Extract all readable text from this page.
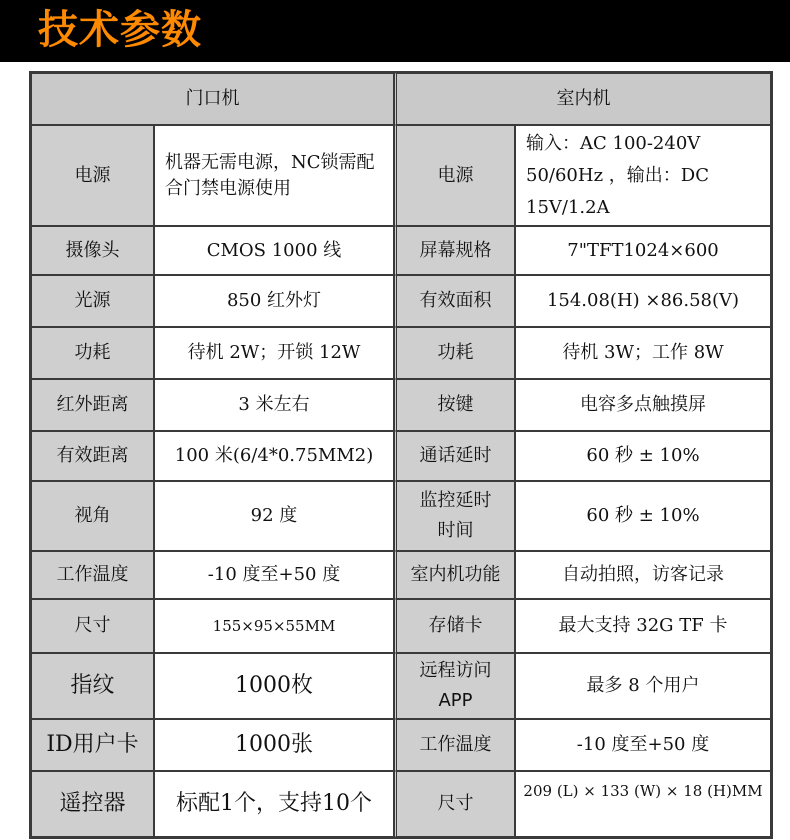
技术参数
门口机		室内机	
电源	机器无需电源，NC锁需配合门禁电源使用	电源	输入：AC 100-240V 50/60Hz ，输出：DC 15V/1.2A
摄像头	CMOS 1000 线	屏幕规格	7"TFT1024×600
光源	850 红外灯	有效面积	154.08(H) ×86.58(V)
功耗	待机 2W；开锁 12W	功耗	待机 3W；工作 8W
红外距离	3 米左右	按键	电容多点触摸屏
有效距离	100 米(6/4*0.75MM2)	通话延时	60 秒 ± 10%
视角	92 度	监控延时时间	60 秒 ± 10%
工作温度	-10 度至+50 度	室内机功能	自动拍照，访客记录
尺寸	155×95×55MM	存储卡	最大支持 32G TF 卡
指纹	1000枚	远程访问APP	最多 8 个用户
ID用户卡	1000张	工作温度	-10 度至+50 度
遥控器	标配1个，支持10个	尺寸	209 (L) × 133 (W) × 18 (H)MM
